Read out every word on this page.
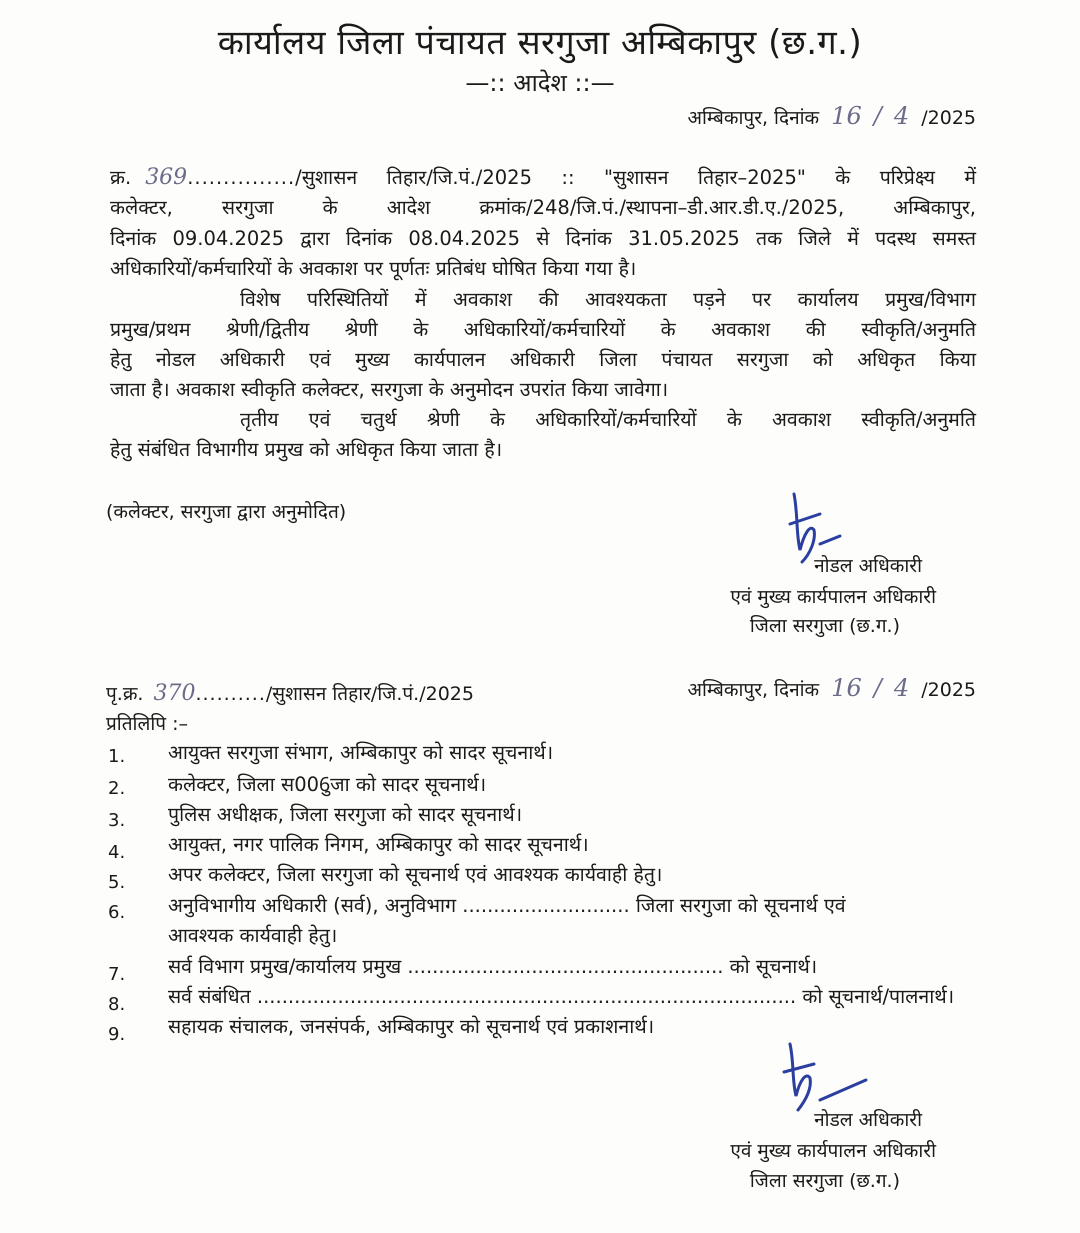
कार्यालय जिला पंचायत सरगुजा अम्बिकापुर (छ.ग.)
—:: आदेश ::—
अम्बिकापुर, दिनांक 16 / 4 /2025
क्र. 369.............../सुशासन तिहार/जि.पं./2025 :: "सुशासन तिहार–2025" के परिप्रेक्ष्य में
कलेक्टर, सरगुजा के आदेश क्रमांक/248/जि.पं./स्थापना–डी.आर.डी.ए./2025, अम्बिकापुर,
दिनांक 09.04.2025 द्वारा दिनांक 08.04.2025 से दिनांक 31.05.2025 तक जिले में पदस्थ समस्त
अधिकारियों/कर्मचारियों के अवकाश पर पूर्णतः प्रतिबंध घोषित किया गया है।
विशेष परिस्थितियों में अवकाश की आवश्यकता पड़ने पर कार्यालय प्रमुख/विभाग
प्रमुख/प्रथम श्रेणी/द्वितीय श्रेणी के अधिकारियों/कर्मचारियों के अवकाश की स्वीकृति/अनुमति
हेतु नोडल अधिकारी एवं मुख्य कार्यपालन अधिकारी जिला पंचायत सरगुजा को अधिकृत किया
जाता है। अवकाश स्वीकृति कलेक्टर, सरगुजा के अनुमोदन उपरांत किया जावेगा।
तृतीय एवं चतुर्थ श्रेणी के अधिकारियों/कर्मचारियों के अवकाश स्वीकृति/अनुमति
हेतु संबंधित विभागीय प्रमुख को अधिकृत किया जाता है।
(कलेक्टर, सरगुजा द्वारा अनुमोदित)
नोडल अधिकारी
एवं मुख्य कार्यपालन अधिकारी
जिला सरगुजा (छ.ग.)
पृ.क्र. 370........../सुशासन तिहार/जि.पं./2025	अम्बिकापुर, दिनांक 16 / 4 /2025
प्रतिलिपि :–
1. आयुक्त सरगुजा संभाग, अम्बिकापुर को सादर सूचनार्थ।
2. कलेक्टर, जिला स006ुजा को सादर सूचनार्थ।
3. पुलिस अधीक्षक, जिला सरगुजा को सादर सूचनार्थ।
4. आयुक्त, नगर पालिक निगम, अम्बिकापुर को सादर सूचनार्थ।
5. अपर कलेक्टर, जिला सरगुजा को सूचनार्थ एवं आवश्यक कार्यवाही हेतु।
6. अनुविभागीय अधिकारी (सर्व), अनुविभाग ........................... जिला सरगुजा को सूचनार्थ एवं
आवश्यक कार्यवाही हेतु।
7. सर्व विभाग प्रमुख/कार्यालय प्रमुख ................................................... को सूचनार्थ।
8. सर्व संबंधित ....................................................................................... को सूचनार्थ/पालनार्थ।
9. सहायक संचालक, जनसंपर्क, अम्बिकापुर को सूचनार्थ एवं प्रकाशनार्थ।
नोडल अधिकारी
एवं मुख्य कार्यपालन अधिकारी
जिला सरगुजा (छ.ग.)
